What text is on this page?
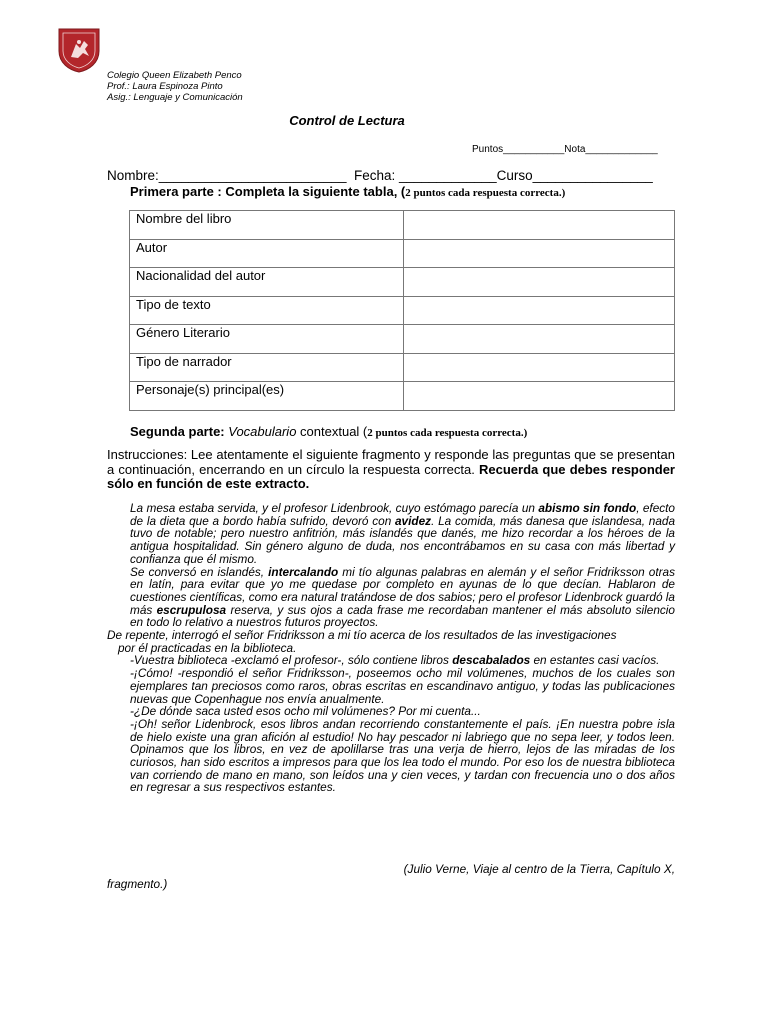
Colegio Queen Elizabeth Penco
Prof.: Laura Espinoza Pinto
Asig.: Lenguaje y Comunicación
Control de Lectura
Puntos___________Nota_____________
Nombre:_________________________  Fecha: _____________Curso________________
Primera parte : Completa la siguiente tabla, (2 puntos cada respuesta correcta.)
Nombre del libro	
Autor	
Nacionalidad del autor	
Tipo de texto	
Género Literario	
Tipo de narrador	
Personaje(s) principal(es)	
Segunda parte: Vocabulario contextual (2 puntos cada respuesta correcta.)
Instrucciones: Lee atentamente el siguiente fragmento y responde las preguntas que se presentan a continuación, encerrando en un círculo la respuesta correcta. Recuerda que debes responder sólo en función de este extracto.

La mesa estaba servida, y el profesor Lidenbrook, cuyo estómago parecía un abismo sin fondo, efecto de la dieta que a bordo había sufrido, devoró con avidez. La comida, más danesa que islandesa, nada tuvo de notable; pero nuestro anfitrión, más islandés que danés, me hizo recordar a los héroes de la antigua hospitalidad. Sin género alguno de duda, nos encontrábamos en su casa con más libertad y confianza que él mismo.

Se conversó en islandés, intercalando mi tío algunas palabras en alemán y el señor Fridriksson otras en latín, para evitar que yo me quedase por completo en ayunas de lo que decían. Hablaron de cuestiones científicas, como era natural tratándose de dos sabios; pero el profesor Lidenbrock guardó la más escrupulosa reserva, y sus ojos a cada frase me recordaban mantener el más absoluto silencio en todo lo relativo a nuestros futuros proyectos.

De repente, interrogó el señor Fridriksson a mi tío acerca de los resultados de las investigaciones

por él practicadas en la biblioteca.

-Vuestra biblioteca -exclamó el profesor-, sólo contiene libros descabalados en estantes casi vacíos.

-¡Cómo! -respondió el señor Fridriksson-, poseemos ocho mil volúmenes, muchos de los cuales son ejemplares tan preciosos como raros, obras escritas en escandinavo antiguo, y todas las publicaciones nuevas que Copenhague nos envía anualmente.

-¿De dónde saca usted esos ocho mil volúmenes? Por mi cuenta...

-¡Oh! señor Lidenbrock, esos libros andan recorriendo constantemente el país. ¡En nuestra pobre isla de hielo existe una gran afición al estudio! No hay pescador ni labriego que no sepa leer, y todos leen. Opinamos que los libros, en vez de apolillarse tras una verja de hierro, lejos de las miradas de los curiosos, han sido escritos a impresos para que los lea todo el mundo. Por eso los de nuestra biblioteca van corriendo de mano en mano, son leídos una y cien veces, y tardan con frecuencia uno o dos años en regresar a sus respectivos estantes.

(Julio Verne, Viaje al centro de la Tierra, Capítulo X,
fragmento.)
